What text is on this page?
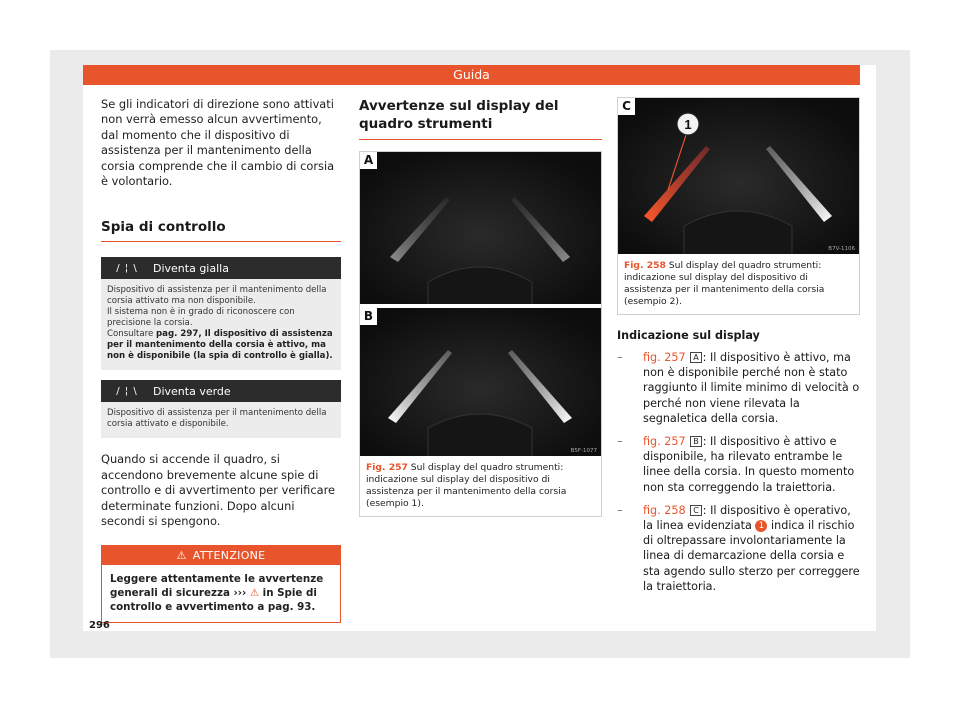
Guida

Se gli indicatori di direzione sono attivati non verrà emesso alcun avvertimento, dal momento che il dispositivo di assistenza per il mantenimento della corsia comprende che il cambio di corsia è volontario.

Spia di controllo
/ ¦ \	Diventa gialla
Dispositivo di assistenza per il mantenimento della corsia attivato ma non disponibile.
Il sistema non è in grado di riconoscere con precisione la corsia.
Consultare pag. 297, Il dispositivo di assistenza per il mantenimento della corsia è attivo, ma non è disponibile (la spia di controllo è gialla).
/ ¦ \	Diventa verde
Dispositivo di assistenza per il mantenimento della corsia attivato e disponibile.

Quando si accende il quadro, si accendono brevemente alcune spie di controllo e di avvertimento per verificare determinate funzioni. Dopo alcuni secondi si spengono.

⚠ ATTENZIONE
Leggere attentamente le avvertenze generali di sicurezza ››› ⚠ in Spie di controllo e avvertimento a pag. 93.
Avvertenze sul display del quadro strumenti
A
B
B5F-1077
Fig. 257 Sul display del quadro strumenti: indicazione sul display del dispositivo di assistenza per il mantenimento della corsia (esempio 1).
1
C
B7V-1106
Fig. 258 Sul display del quadro strumenti: indicazione sul display del dispositivo di assistenza per il mantenimento della corsia (esempio 2).
Indicazione sul display
–	fig. 257 A : Il dispositivo è attivo, ma non è disponibile perché non è stato raggiunto il limite minimo di velocità o perché non viene rilevata la segnaletica della corsia.
–	fig. 257 B : Il dispositivo è attivo e disponibile, ha rilevato entrambe le linee della corsia. In questo momento non sta correggendo la traiettoria.
–	fig. 258 C : Il dispositivo è operativo, la linea evidenziata 1 indica il rischio di oltrepassare involontariamente la linea di demarcazione della corsia e sta agendo sullo sterzo per correggere la traiettoria.
296
